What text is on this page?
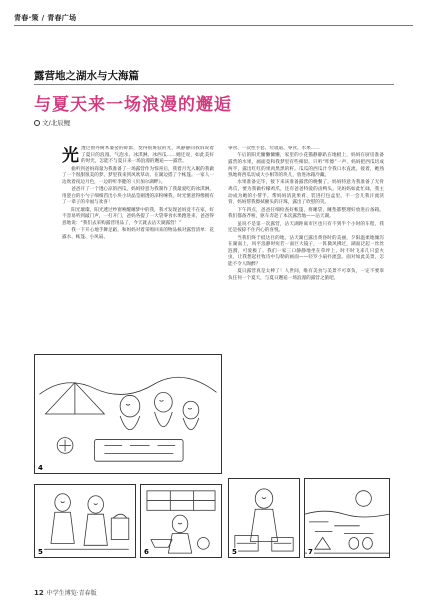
青春·策 / 青春广场
露营地之湖水与大海篇
与夏天来一场浪漫的邂逅
文/北辰鲤

光透过窗外树木婆娑的碎影，变得很斑驳的光，风静静向我诉说着了夏日的浪漫。气泡水、冰淇淋、冰西瓜……她还说，如此美好的时光，怎能不与夏日来一场浪漫的邂逅——露营。

偷听到爸妈商量为我准备了一场露营作为惊喜后，我着月光入眠的我做了一个很甜很美的梦。梦里我来到风吹草动、在湖边搭了个帐篷。一家人一边吹着夜边月色，一边聆听李健的《贝加尔湖畔》。

爸爸开了一个透心凉的西瓜，妈妈特意为我制作了我最爱吃的冰淇淋，用瓷白的小勺子细细舀出小块小块晶莹剔透的凉粉嗦我，时光惬意得像拥有了一辈子的幸福与欢喜！

阳光璀璨，阳光透过纱窗唤醒睡梦中的我，我才发现爸妈竟不在家，好不容易听到敲门声，一打开门，爸妈各提了一大袋零食水果跑进来，爸爸得意地说：“我们去采购露营用品了，今天就去沾天湖露营！”

我一下开心地手舞足蹈，和妈妈对着采购回来的物品核对露营清单：花露水、帐篷、小风扇、

零食、一次性手套、垃圾道、零食、水果……

午后的阳光慵懒慵懒，家里的小花猫静静趴在地板上，妈妈在厨房准备露营的水果，画面竟和我梦里有些相似。只听“咔擦”一声，妈妈把西瓜切成两半，露出红红的果肉黑黑的籽。瓜瓜的西瓜汁令我口水直流。接着，她熟熟地将西瓜切成大小相等的块儿，放进冰箱冷藏。

水果准备完毕，接下来该准备露营的晚餐了，妈妈特意为我准备了无骨鸡爪，要为我做柠檬鸡爪，还有爸爸特爱的卤鸭头。见妈妈如此忙碌，我主动成为她的小帮手，帮妈妈清洗果肴、装进打包盒里。不一会儿我汗流浃背，妈妈帮我擦拭额头的汗珠，露出了欣慰的笑。

下午四点，爸爸仔细检查好帐篷，将睡袋，睡垫都整理好放进后备箱。我们都备齐啦，驱车奔赴了本次露营地——沾天湖。

虽说不是第一次露营，沾天湖距离市区也只有不到半个小时的车程，我还是按捺不住内心的喜悦。

当我们终于抵达目的地，沾天湖已露出黄昏时的美丽，夕阳温柔地倾泻在湖面上，风平浪静时宛若一面巨大镜子，一阵微风拂过，湖面泛起一丝丝涟漪，可爱极了。我们一家三口静静地坐在草坪上，时不时飞来几只萤火虫，让我想起杜牧诗中勾勒的画面——轻罗小扇扑流萤。面对如此美景，怎能不令人陶醉？

夏日露营真是太棒了！人世间，唯有美食与美景不可辜负，一定不要辜负任何一个夏天，与夏日邂逅一场浪漫的露营之旅吧。

4
5	6	5	7
12 中学生博览·青春版
